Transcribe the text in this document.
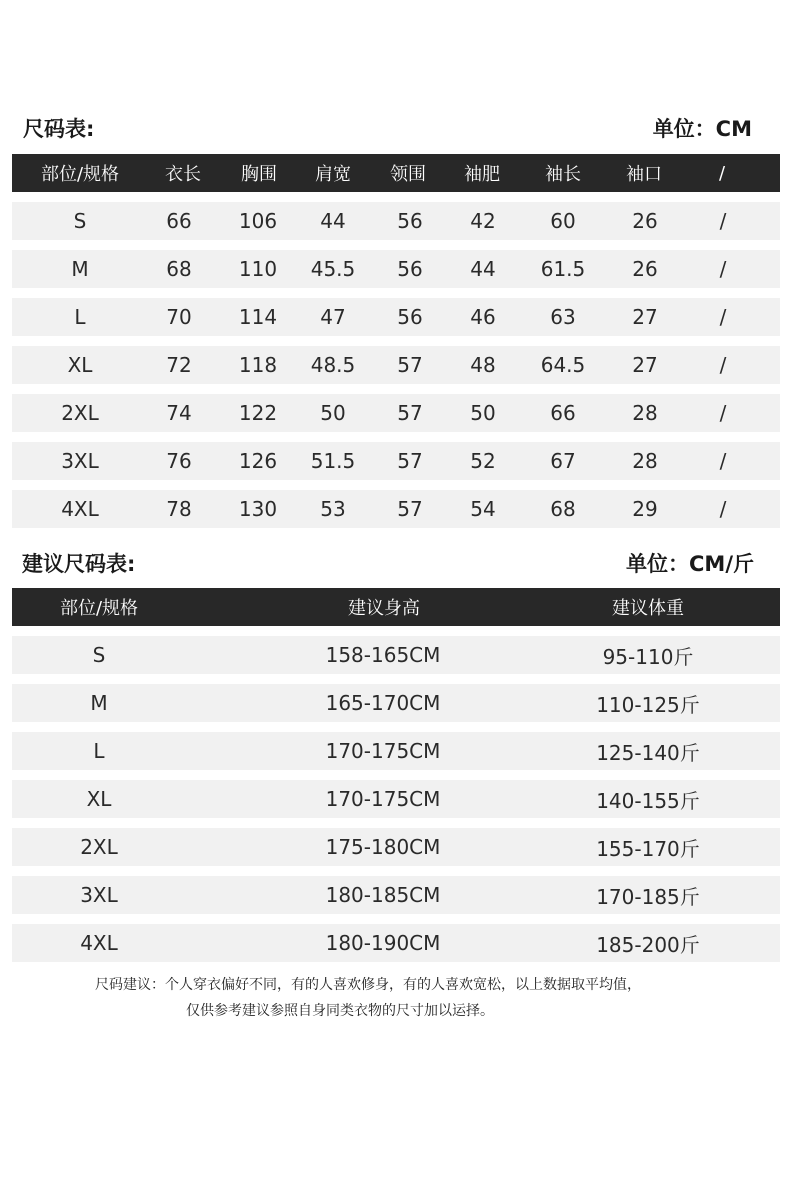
尺码表:	单位：CM
部位/规格	衣长 胸围 肩宽 领围 袖肥	袖长	袖口	/
S	66 106 44	56 42	60	26	/
M	68 110 45.5 56 44 61.5 26	/
L	70 114 47	56 46	63	27	/
XL	72 118 48.5 57 48 64.5 27	/
2XL	74 122 50	57 50	66	28	/
3XL	76 126 51.5 57 52	67	28	/
4XL	78 130 53	57 54	68	29	/
建议尺码表:	单位：CM/斤
部位/规格	建议身高	建议体重
S	158-165CM	95-110斤
M	165-170CM	110-125斤
L	170-175CM	125-140斤
XL	170-175CM	140-155斤
2XL	175-180CM	155-170斤
3XL	180-185CM	170-185斤
4XL	180-190CM	185-200斤
尺码建议：个人穿衣偏好不同，有的人喜欢修身，有的人喜欢宽松，以上数据取平均值，
仅供参考建议参照自身同类衣物的尺寸加以运择。
